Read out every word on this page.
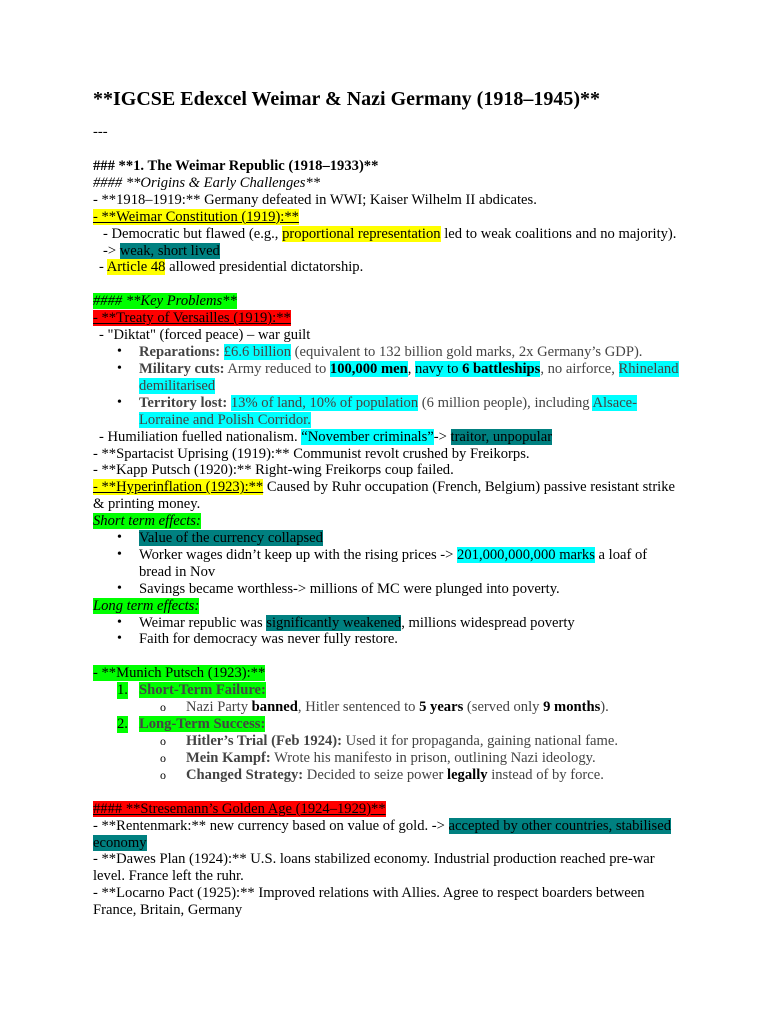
**IGCSE Edexcel Weimar & Nazi Germany (1918–1945)**

---

### **1. The Weimar Republic (1918–1933)**

#### **Origins & Early Challenges**

- **1918–1919:** Germany defeated in WWI; Kaiser Wilhelm II abdicates.

- **Weimar Constitution (1919):**

- Democratic but flawed (e.g., proportional representation led to weak coalitions and no majority). -> weak, short lived

- Article 48 allowed presidential dictatorship.

#### **Key Problems**

- **Treaty of Versailles (1919):**

- "Diktat" (forced peace) – war guilt

• Reparations: £6.6 billion (equivalent to 132 billion gold marks, 2x Germany’s GDP).
• Military cuts: Army reduced to 100,000 men, navy to 6 battleships, no airforce, Rhineland demilitarised
• Territory lost: 13% of land, 10% of population (6 million people), including Alsace-Lorraine and Polish Corridor.

- Humiliation fuelled nationalism. “November criminals”-> traitor, unpopular

- **Spartacist Uprising (1919):** Communist revolt crushed by Freikorps.

- **Kapp Putsch (1920):** Right-wing Freikorps coup failed.

- **Hyperinflation (1923):** Caused by Ruhr occupation (French, Belgium) passive resistant strike & printing money.

Short term effects:

• Value of the currency collapsed
• Worker wages didn’t keep up with the rising prices -> 201,000,000,000 marks a loaf of bread in Nov
• Savings became worthless-> millions of MC were plunged into poverty.

Long term effects:

• Weimar republic was significantly weakened, millions widespread poverty
• Faith for democracy was never fully restore.

- **Munich Putsch (1923):**

1. Short-Term Failure:
o Nazi Party banned, Hitler sentenced to 5 years (served only 9 months).
2. Long-Term Success:
o Hitler’s Trial (Feb 1924): Used it for propaganda, gaining national fame.
o Mein Kampf: Wrote his manifesto in prison, outlining Nazi ideology.
o Changed Strategy: Decided to seize power legally instead of by force.

#### **Stresemann’s Golden Age (1924–1929)**

- **Rentenmark:** new currency based on value of gold. -> accepted by other countries, stabilised economy

- **Dawes Plan (1924):** U.S. loans stabilized economy. Industrial production reached pre-war level. France left the ruhr.

- **Locarno Pact (1925):** Improved relations with Allies. Agree to respect boarders between France, Britain, Germany
